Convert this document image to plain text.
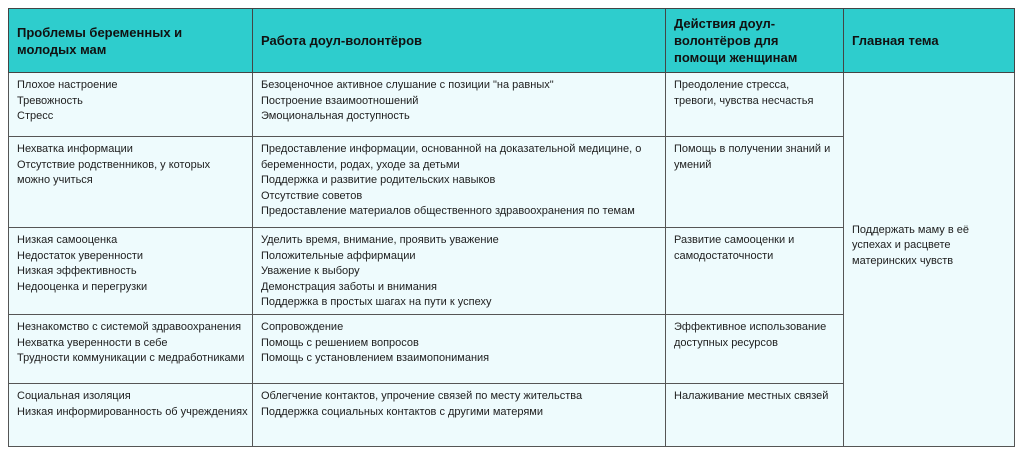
Проблемы беременных и молодых мам	Работа доул-волонтёров	Действия доул-волонтёров для помощи женщинам	Главная тема

Плохое настроение
Тревожность
Стресс	Безоценочное активное слушание с позиции "на равных"
Построение взаимоотношений
Эмоциональная доступность	Преодоление стресса, тревоги, чувства несчастья	Поддержать маму в её успехах и расцвете материнских чувств

Нехватка информации
Отсутствие родственников, у которых можно учиться	Предоставление информации, основанной на доказательной медицине, о беременности, родах, уходе за детьми
Поддержка и развитие родительских навыков
Отсутствие советов
Предоставление материалов общественного здравоохранения по темам	Помощь в получении знаний и умений	

Низкая самооценка
Недостаток уверенности
Низкая эффективность
Недооценка и перегрузки	Уделить время, внимание, проявить уважение
Положительные аффирмации
Уважение к выбору
Демонстрация заботы и внимания
Поддержка в простых шагах на пути к успеху	Развитие самооценки и самодостаточности	

Незнакомство с системой здравоохранения
Нехватка уверенности в себе
Трудности коммуникации с медработниками	Сопровождение
Помощь с решением вопросов
Помощь с установлением взаимопонимания	Эффективное использование доступных ресурсов	

Социальная изоляция
Низкая информированность об учреждениях	Облегчение контактов, упрочение связей по месту жительства
Поддержка социальных контактов с другими матерями	Налаживание местных связей	
